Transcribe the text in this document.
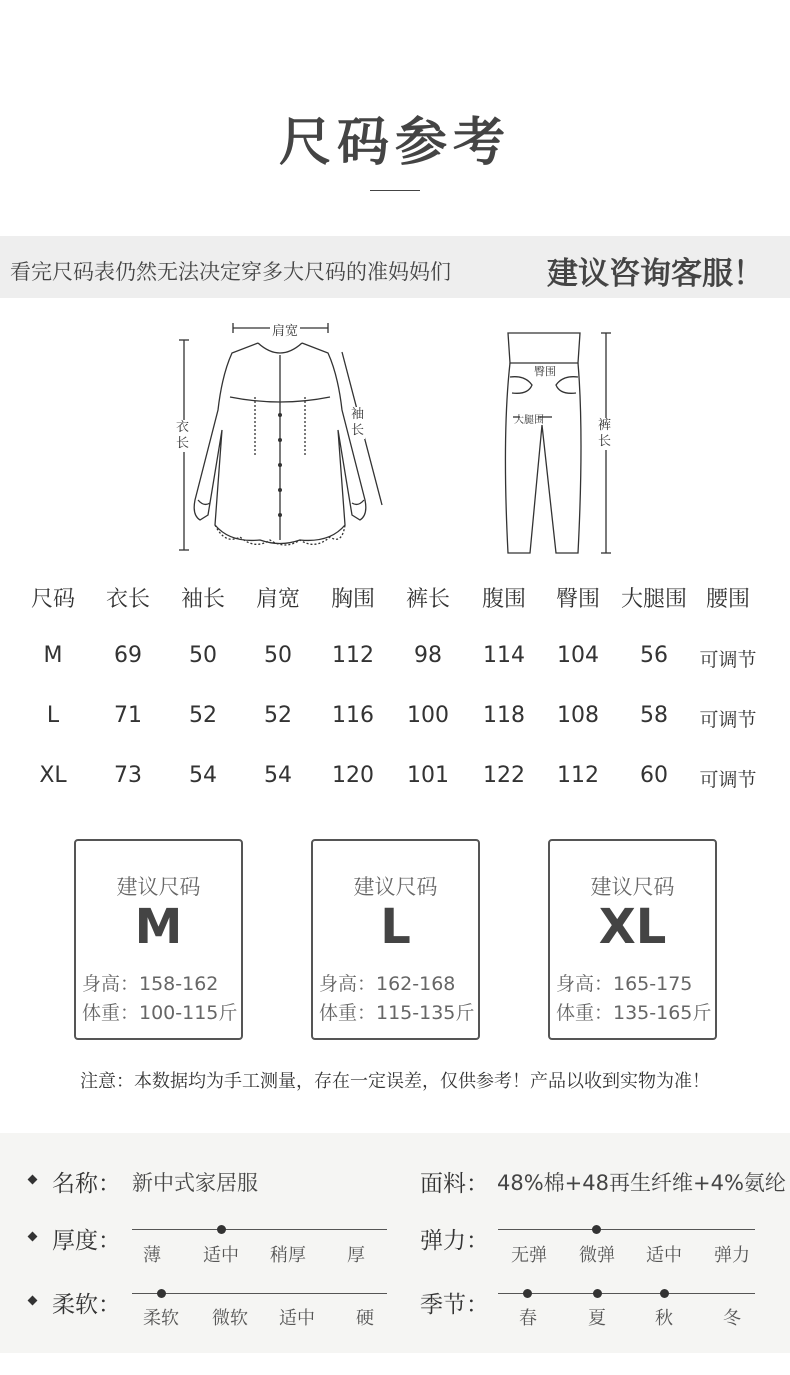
尺码参考
看完尺码表仍然无法决定穿多大尺码的准妈妈们	建议咨询客服！
肩宽
衣长
袖长
臀围
大腿围	裤长
尺码	衣长	袖长	肩宽	胸围	裤长	腹围	臀围 大腿围 腰围
M	69	50	50	112	98	114	104	56	可调节
L	71	52	52	116	100	118	108	58	可调节
XL	73	54	54	120	101	122	112	60	可调节
建议尺码
M
身高：158-162
体重：100-115斤
建议尺码
L
身高：162-168
体重：115-135斤
建议尺码
XL
身高：165-175
体重：135-165斤
注意：本数据均为手工测量，存在一定误差，仅供参考！产品以收到实物为准！
名称： 新中式家居服	面料： 48%棉+48再生纤维+4%氨纶
厚度：
薄	适中	稍厚	厚
弹力：
无弹	微弹	适中	弹力
柔软：
柔软	微软	适中	硬
季节：
春	夏	秋	冬
